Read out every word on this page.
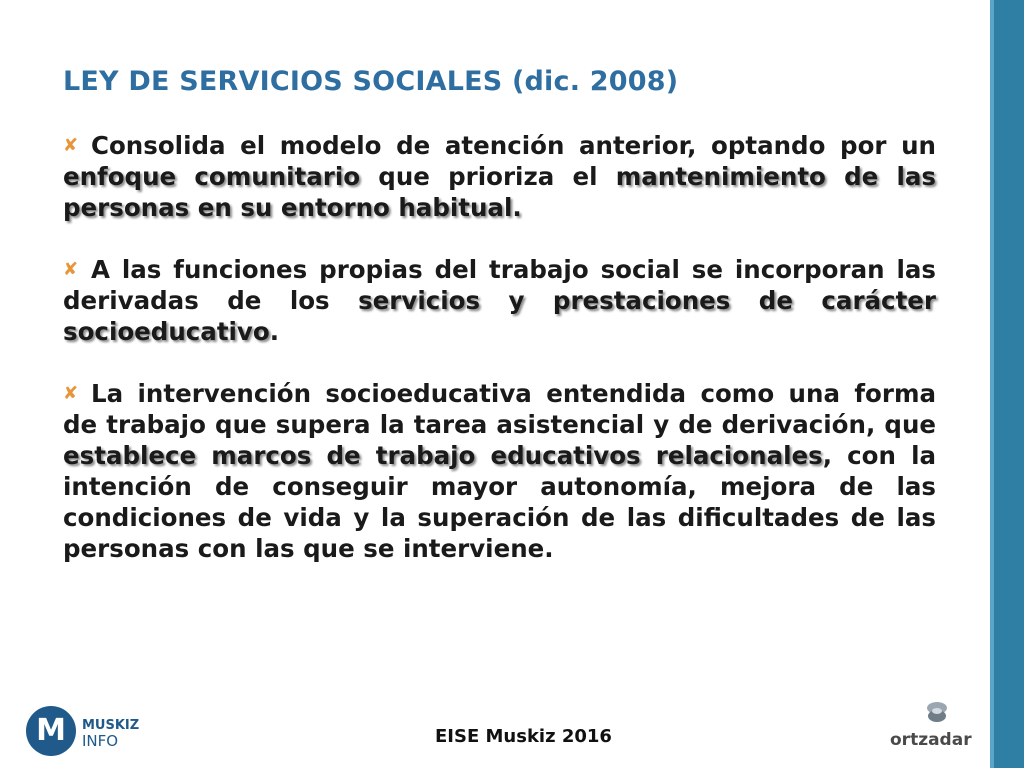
LEY DE SERVICIOS SOCIALES (dic. 2008)

✘ Consolida el modelo de atención anterior, optando por un enfoque comunitario que prioriza el mantenimiento de las personas en su entorno habitual.

✘ A las funciones propias del trabajo social se incorporan las derivadas de los servicios y prestaciones de carácter socioeducativo.

✘ La intervención socioeducativa entendida como una forma de trabajo que supera la tarea asistencial y de derivación, que establece marcos de trabajo educativos relacionales, con la intención de conseguir mayor autonomía, mejora de las condiciones de vida y la superación de las dificultades de las personas con las que se interviene.

M	MUSKIZ
INFO	EISE Muskiz 2016	ortzadar
